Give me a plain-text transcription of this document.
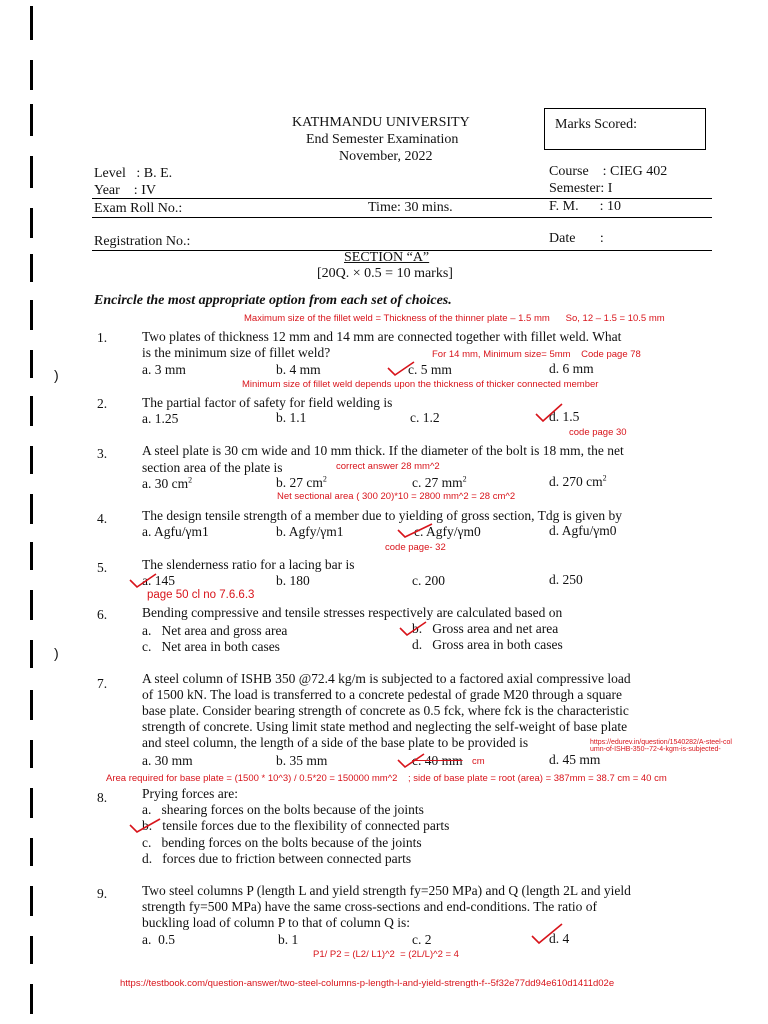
)
)
KATHMANDU UNIVERSITY
End Semester Examination
November, 2022
Marks Scored:
Level   : B. E.
Year    : IV
Course    : CIEG 402
Semester: I
Exam Roll No.:	Time: 30 mins.	F. M.      : 10
Registration No.:	Date       :
SECTION “A”
[20Q. × 0.5 = 10 marks]
Encircle the most appropriate option from each set of choices.
Maximum size of the fillet weld = Thickness of the thinner plate – 1.5 mm      So, 12 – 1.5 = 10.5 mm
1.	Two plates of thickness 12 mm and 14 mm are connected together with fillet weld. What
is the minimum size of fillet weld?	For 14 mm, Minimum size= 5mm    Code page 78
a. 3 mm	b. 4 mm	c. 5 mm	d. 6 mm
Minimum size of fillet weld depends upon the thickness of thicker connected member
2.	The partial factor of safety for field welding is
a. 1.25	b. 1.1	c. 1.2	d. 1.5
code page 30
3.	A steel plate is 30 cm wide and 10 mm thick. If the diameter of the bolt is 18 mm, the net
section area of the plate is	correct answer 28 mm^2
a. 30 $cm^2$	b. 27 $cm^2$	c. 27 $mm^2$	d. 270 $cm^2$
Net sectional area ( 300 20)*10 = 2800 mm^2 = 28 cm^2
4.	The design tensile strength of a member due to yielding of gross section, Tdg is given by
a. Agfu/γm1	b. Agfy/γm1	c. Agfy/γm0	d. Agfu/γm0
code page- 32
5.	The slenderness ratio for a lacing bar is
a. 145	b. 180	c. 200	d. 250
page 50 cl no 7.6.6.3
6.	Bending compressive and tensile stresses respectively are calculated based on
a.   Net area and gross area	b.   Gross area and net area
c.   Net area in both cases	d.   Gross area in both cases
7.	A steel column of ISHB 350 @72.4 kg/m is subjected to a factored axial compressive load
of 1500 kN. The load is transferred to a concrete pedestal of grade M20 through a square
base plate. Consider bearing strength of concrete as 0.5 fck, where fck is the characteristic
strength of concrete. Using limit state method and neglecting the self-weight of base plate
and steel column, the length of a side of the base plate to be provided is	https://edurev.in/question/1540282/A-steel-col
umn-of-ISHB-350--72-4-kgm-is-subjected-
a. 30 mm	b. 35 mm	c. 40 mm cm	d. 45 mm
Area required for base plate = (1500 * 10^3) / 0.5*20 = 150000 mm^2    ; side of base plate = root (area) = 387mm = 38.7 cm = 40 cm
8.	Prying forces are:
a.   shearing forces on the bolts because of the joints
b.   tensile forces due to the flexibility of connected parts
c.   bending forces on the bolts because of the joints
d.   forces due to friction between connected parts
9.	Two steel columns P (length L and yield strength fy=250 MPa) and Q (length 2L and yield
strength fy=500 MPa) have the same cross-sections and end-conditions. The ratio of
buckling load of column P to that of column Q is:
a.  0.5	b. 1	c. 2	d. 4
P1/ P2 = (L2/ L1)^2  = (2L/L)^2 = 4
https://testbook.com/question-answer/two-steel-columns-p-length-l-and-yield-strength-f--5f32e77dd94e610d1411d02e
